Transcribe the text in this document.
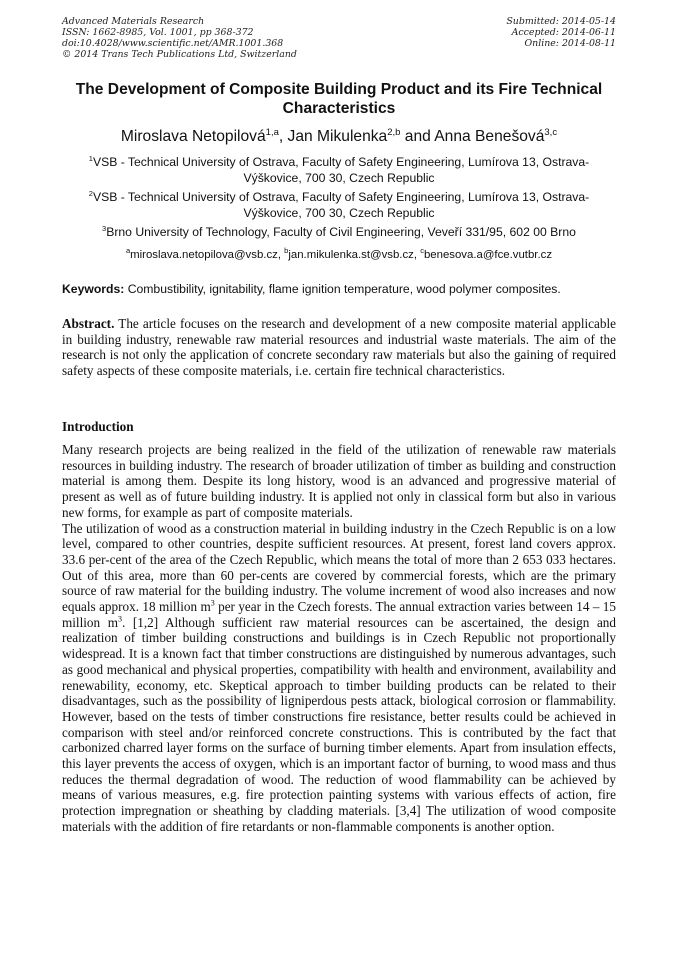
Advanced Materials Research
ISSN: 1662-8985, Vol. 1001, pp 368-372
doi:10.4028/www.scientific.net/AMR.1001.368
© 2014 Trans Tech Publications Ltd, Switzerland
Submitted: 2014-05-14
Accepted: 2014-06-11
Online: 2014-08-11
The Development of Composite Building Product and its Fire Technical Characteristics
Miroslava Netopilová$^{1,a}$, Jan Mikulenka$^{2,b}$ and Anna Benešová$^{3,c}$
$^1$VSB - Technical University of Ostrava, Faculty of Safety Engineering, Lumírova 13, Ostrava-Výškovice, 700 30, Czech Republic
$^2$VSB - Technical University of Ostrava, Faculty of Safety Engineering, Lumírova 13, Ostrava-Výškovice, 700 30, Czech Republic
$^3$Brno University of Technology, Faculty of Civil Engineering, Veveří 331/95, 602 00 Brno
$^a$miroslava.netopilova@vsb.cz, $^b$jan.mikulenka.st@vsb.cz, $^c$benesova.a@fce.vutbr.cz
Keywords: Combustibility, ignitability, flame ignition temperature, wood polymer composites.
Abstract. The article focuses on the research and development of a new composite material applicable in building industry, renewable raw material resources and industrial waste materials. The aim of the research is not only the application of concrete secondary raw materials but also the gaining of required safety aspects of these composite materials, i.e. certain fire technical characteristics.
Introduction

Many research projects are being realized in the field of the utilization of renewable raw materials resources in building industry. The research of broader utilization of timber as building and construction material is among them. Despite its long history, wood is an advanced and progressive material of present as well as of future building industry. It is applied not only in classical form but also in various new forms, for example as part of composite materials.

The utilization of wood as a construction material in building industry in the Czech Republic is on a low level, compared to other countries, despite sufficient resources. At present, forest land covers approx. 33.6 per-cent of the area of the Czech Republic, which means the total of more than 2 653 033 hectares. Out of this area, more than 60 per-cents are covered by commercial forests, which are the primary source of raw material for the building industry. The volume increment of wood also increases and now equals approx. 18 million $m^3$ per year in the Czech forests. The annual extraction varies between 14 – 15 million $m^3$. [1,2] Although sufficient raw material resources can be ascertained, the design and realization of timber building constructions and buildings is in Czech Republic not proportionally widespread. It is a known fact that timber constructions are distinguished by numerous advantages, such as good mechanical and physical properties, compatibility with health and environment, availability and renewability, economy, etc. Skeptical approach to timber building products can be related to their disadvantages, such as the possibility of ligniperdous pests attack, biological corrosion or flammability. However, based on the tests of timber constructions fire resistance, better results could be achieved in comparison with steel and/or reinforced concrete constructions. This is contributed by the fact that carbonized charred layer forms on the surface of burning timber elements. Apart from insulation effects, this layer prevents the access of oxygen, which is an important factor of burning, to wood mass and thus reduces the thermal degradation of wood. The reduction of wood flammability can be achieved by means of various measures, e.g. fire protection painting systems with various effects of action, fire protection impregnation or sheathing by cladding materials. [3,4] The utilization of wood composite materials with the addition of fire retardants or non-flammable components is another option.
